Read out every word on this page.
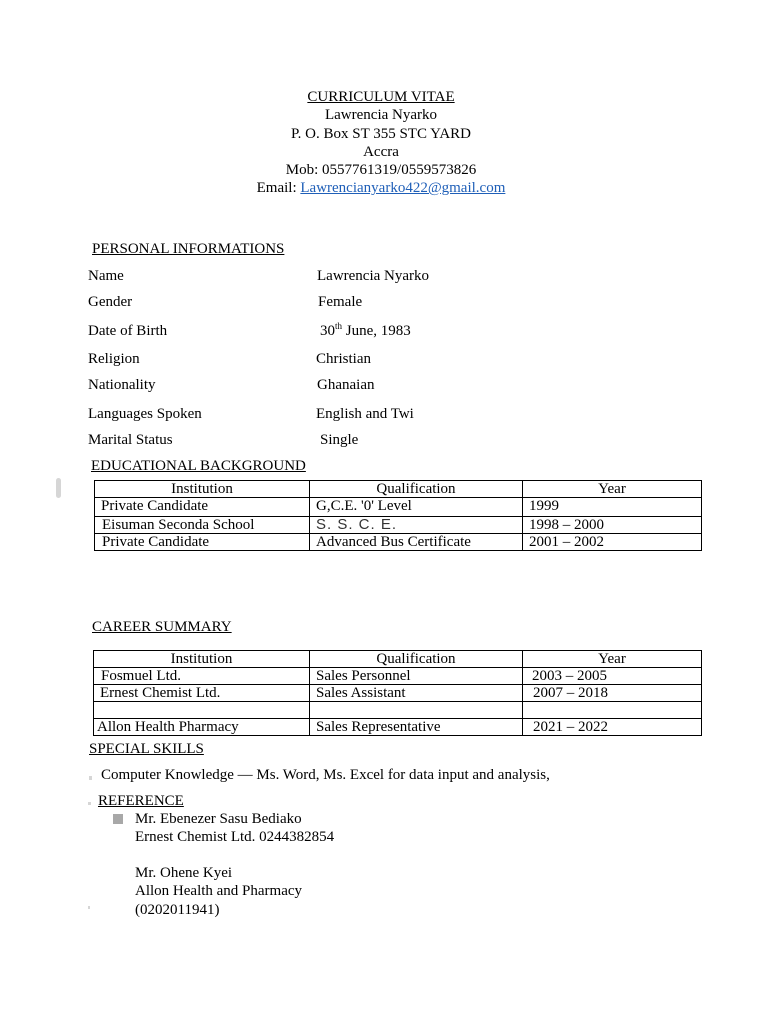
CURRICULUM VITAE
Lawrencia Nyarko
P. O. Box ST 355 STC YARD
Accra
Mob: 0557761319/0559573826
Email: Lawrencianyarko422@gmail.com
PERSONAL INFORMATIONS
Name	Lawrencia Nyarko
Gender	Female
Date of Birth	30th June, 1983
Religion	Christian
Nationality	Ghanaian
Languages Spoken	English and Twi
Marital Status	Single
EDUCATIONAL BACKGROUND
Institution	Qualification	Year
Private Candidate	G,C.E. '0' Level	1999
Eisuman Seconda School	S. S. C. E.	1998 – 2000
Private Candidate	Advanced Bus Certificate	2001 – 2002
CAREER SUMMARY
Institution	Qualification	Year
Fosmuel Ltd.	Sales Personnel	2003 – 2005
Ernest Chemist Ltd.	Sales Assistant	2007 – 2018

Allon Health Pharmacy	Sales Representative	2021 – 2022
SPECIAL SKILLS
Computer Knowledge — Ms. Word, Ms. Excel for data input and analysis,
REFERENCE
Mr. Ebenezer Sasu Bediako
Ernest Chemist Ltd. 0244382854
Mr. Ohene Kyei
Allon Health and Pharmacy
(0202011941)
